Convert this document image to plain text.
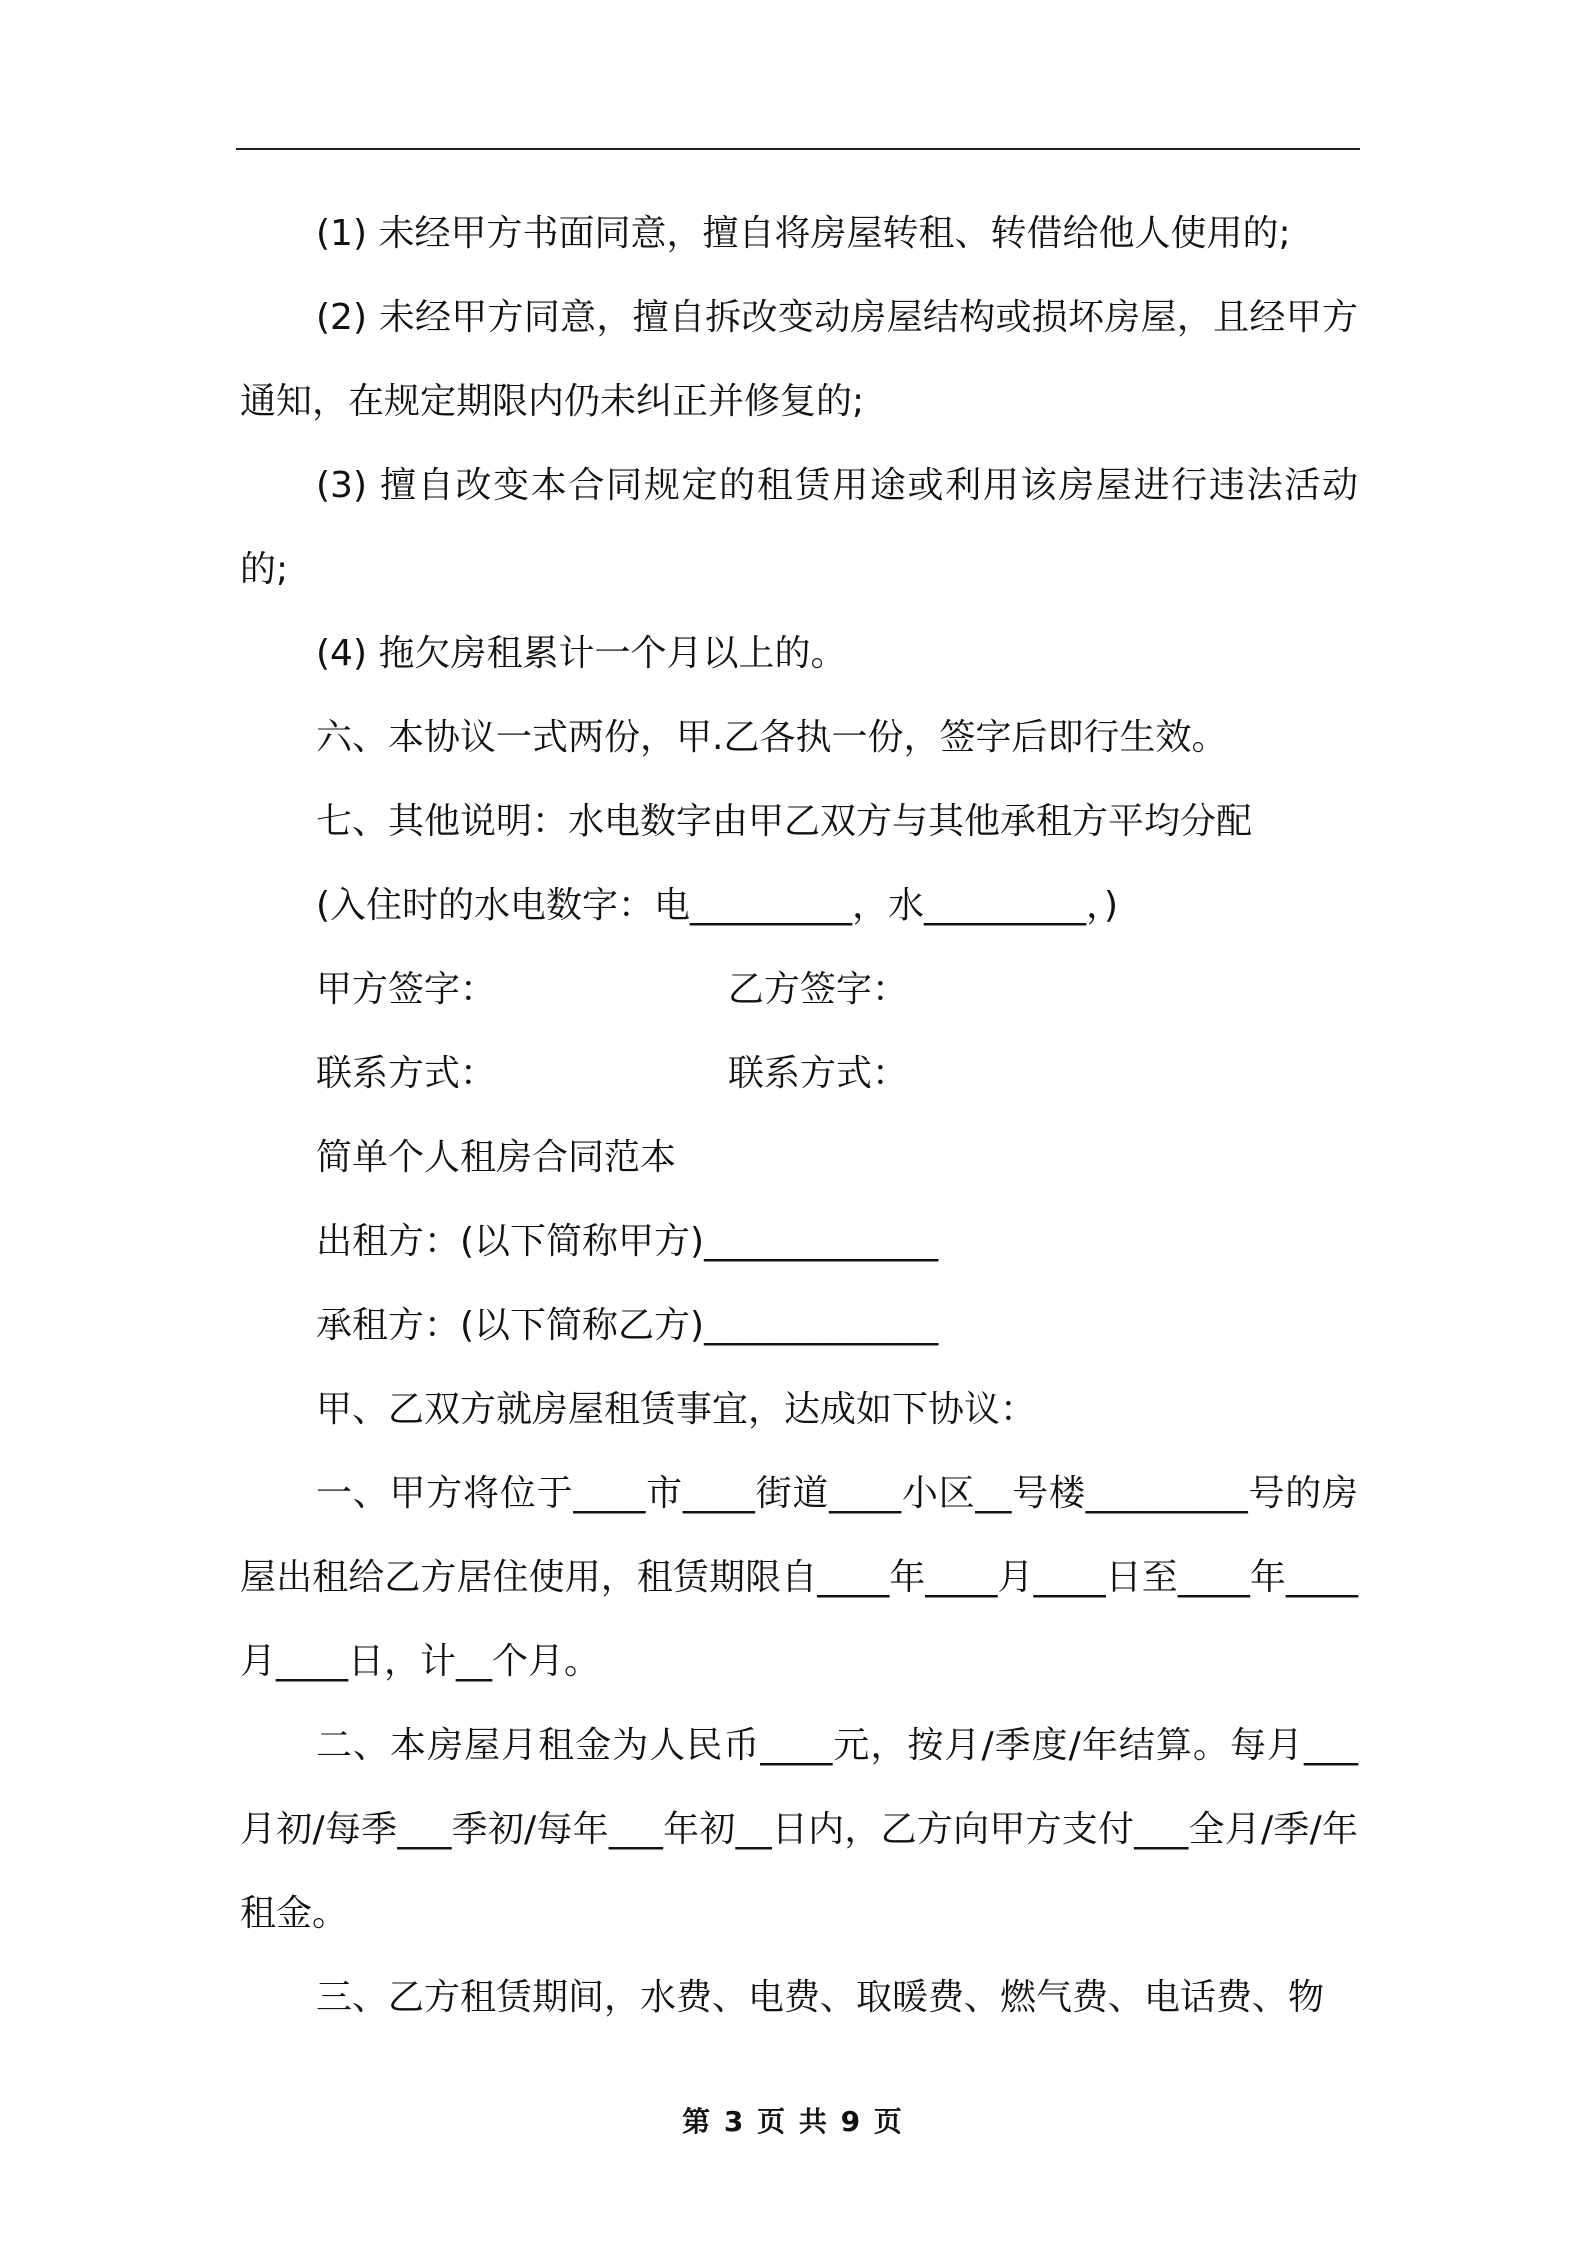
(1) 未经甲方书面同意，擅自将房屋转租、转借给他人使用的;

(2) 未经甲方同意，擅自拆改变动房屋结构或损坏房屋，且经甲方通知，在规定期限内仍未纠正并修复的;

(3) 擅自改变本合同规定的租赁用途或利用该房屋进行违法活动的;

(4) 拖欠房租累计一个月以上的。

六、本协议一式两份，甲.乙各执一份，签字后即行生效。

七、其他说明：水电数字由甲乙双方与其他承租方平均分配

(入住时的水电数字：电_________，水_________，)

甲方签字：	乙方签字：
联系方式：	联系方式：

简单个人租房合同范本

出租方：(以下简称甲方)_____________

承租方：(以下简称乙方)_____________

甲、乙双方就房屋租赁事宜，达成如下协议：

一、甲方将位于____市____街道____小区__号楼_________号的房屋出租给乙方居住使用，租赁期限自____年____月____日至____年____月____日，计__个月。

二、本房屋月租金为人民币____元，按月/季度/年结算。每月___月初/每季___季初/每年___年初__日内，乙方向甲方支付___全月/季/年租金。

三、乙方租赁期间，水费、电费、取暖费、燃气费、电话费、物

第 3 页 共 9 页
